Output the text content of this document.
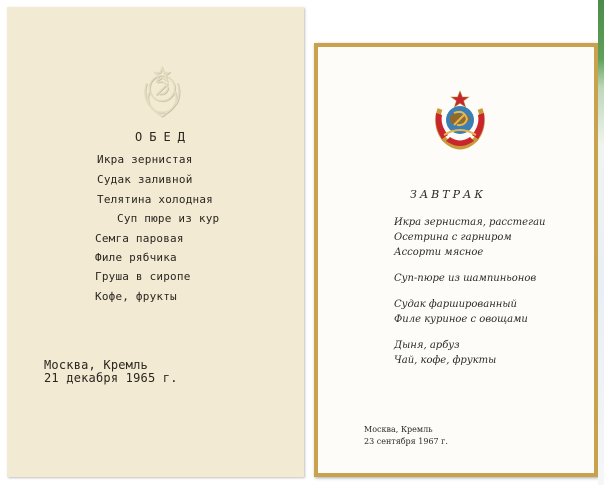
ОБЕД
Икра зернистая
Судак заливной
Телятина холодная
Суп пюре из кур
Семга паровая
Филе рябчика
Груша в сиропе
Кофе, фрукты
Москва, Кремль
21 декабря 1965 г.
ЗАВТРАК
Икра зернистая, расстегаи
Осетрина с гарниром
Ассорти мясное
Суп-пюре из шампиньонов
Судак фаршированный
Филе куриное с овощами
Дыня, арбуз
Чай, кофе, фрукты
Москва, Кремль
23 сентября 1967 г.
